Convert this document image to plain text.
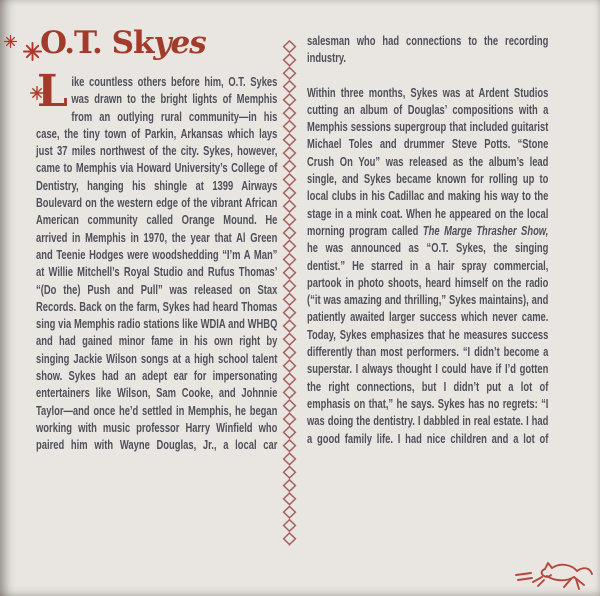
O.T. Skyes
L ike countless others before him, O.T. Sykes was drawn to the bright lights of Memphis from an outlying rural community—in his case, the tiny town of Parkin, Arkansas which lays just 37 miles northwest of the city. Sykes, however, came to Memphis via Howard University’s College of Dentistry, hanging his shingle at 1399 Airways Boulevard on the western edge of the vibrant African American community called Orange Mound. He arrived in Memphis in 1970, the year that Al Green and Teenie Hodges were woodshedding “I’m A Man” at Willie Mitchell’s Royal Studio and Rufus Thomas’ “(Do the) Push and Pull” was released on Stax Records. Back on the farm, Sykes had heard Thomas sing via Memphis radio stations like WDIA and WHBQ and had gained minor fame in his own right by singing Jackie Wilson songs at a high school talent show. Sykes had an adept ear for impersonating entertainers like Wilson, Sam Cooke, and Johnnie Taylor—and once he’d settled in Memphis, he began working with music professor Harry Winfield who paired him with Wayne Douglas, Jr., a local car

salesman who had connections to the recording industry.

Within three months, Sykes was at Ardent Studios cutting an album of Douglas’ compositions with a Memphis sessions supergroup that included guitarist Michael Toles and drummer Steve Potts. “Stone Crush On You” was released as the album’s lead single, and Sykes became known for rolling up to local clubs in his Cadillac and making his way to the stage in a mink coat. When he appeared on the local morning program called The Marge Thrasher Show, he was announced as “O.T. Sykes, the singing dentist.” He starred in a hair spray commercial, partook in photo shoots, heard himself on the radio (“it was amazing and thrilling,” Sykes maintains), and patiently awaited larger success which never came. Today, Sykes emphasizes that he measures success differently than most performers. “I didn’t become a superstar. I always thought I could have if I’d gotten the right connections, but I didn’t put a lot of emphasis on that,” he says. Sykes has no regrets: “I was doing the dentistry. I dabbled in real estate. I had a good family life. I had nice children and a lot of
